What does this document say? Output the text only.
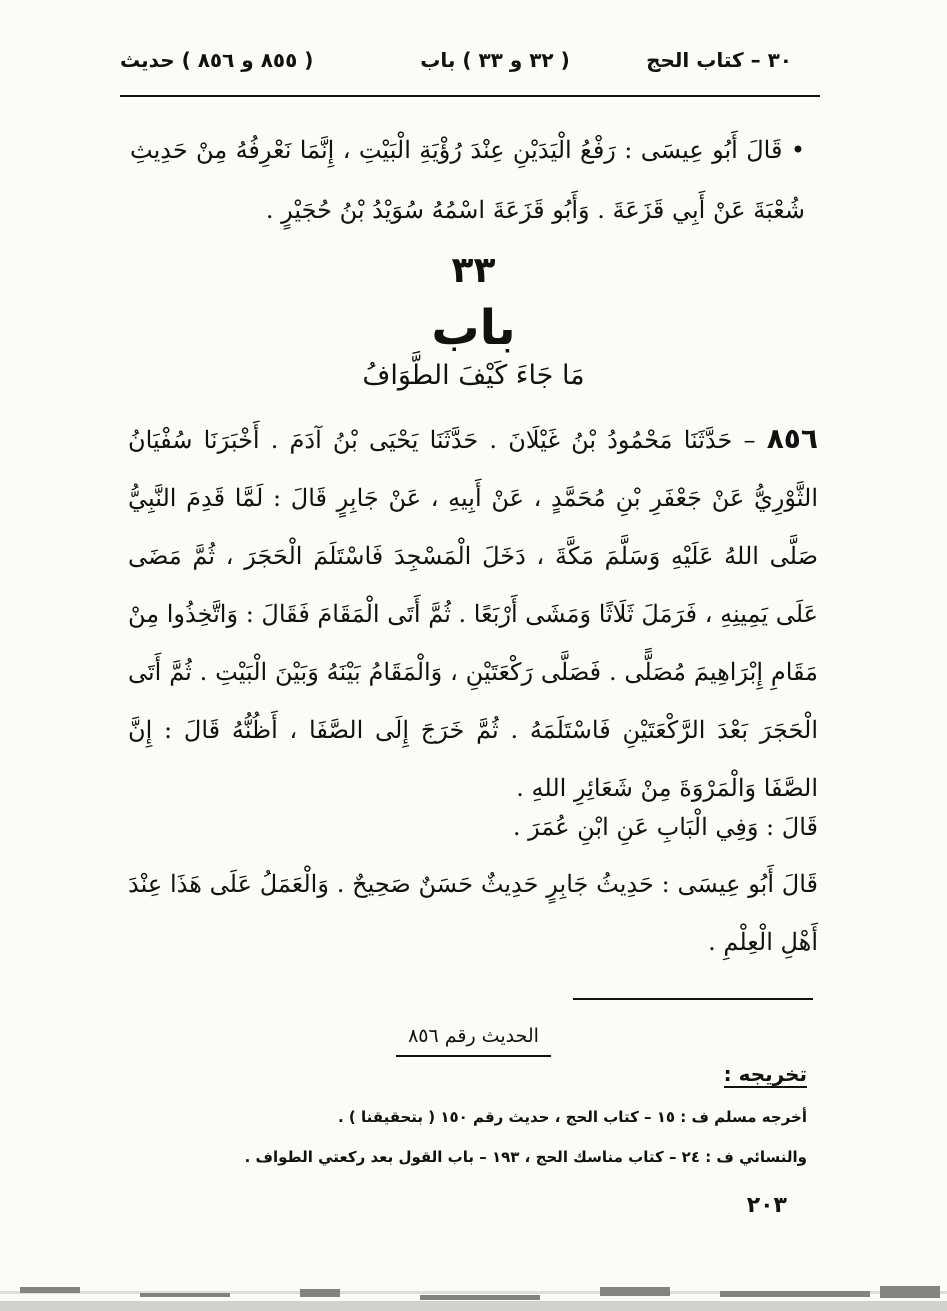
٣٠ – كتاب الحج
( ٣٢ و ٣٣ ) باب
( ٨٥٥ و ٨٥٦ ) حديث
• قَالَ أَبُو عِيسَى : رَفْعُ الْيَدَيْنِ عِنْدَ رُؤْيَةِ الْبَيْتِ ، إِنَّمَا نَعْرِفُهُ مِنْ حَدِيثِ شُعْبَةَ عَنْ أَبِي قَزَعَةَ . وَأَبُو قَزَعَةَ اسْمُهُ سُوَيْدُ بْنُ حُجَيْرٍ .
٣٣
باب
مَا جَاءَ كَيْفَ الطَّوَافُ
٨٥٦ – حَدَّثَنَا مَحْمُودُ بْنُ غَيْلَانَ . حَدَّثَنَا يَحْيَى بْنُ آدَمَ . أَخْبَرَنَا سُفْيَانُ الثَّوْرِيُّ عَنْ جَعْفَرِ بْنِ مُحَمَّدٍ ، عَنْ أَبِيهِ ، عَنْ جَابِرٍ قَالَ : لَمَّا قَدِمَ النَّبِيُّ صَلَّى اللهُ عَلَيْهِ وَسَلَّمَ مَكَّةَ ، دَخَلَ الْمَسْجِدَ فَاسْتَلَمَ الْحَجَرَ ، ثُمَّ مَضَى عَلَى يَمِينِهِ ، فَرَمَلَ ثَلَاثًا وَمَشَى أَرْبَعًا . ثُمَّ أَتَى الْمَقَامَ فَقَالَ : وَاتَّخِذُوا مِنْ مَقَامِ إِبْرَاهِيمَ مُصَلًّى . فَصَلَّى رَكْعَتَيْنِ ، وَالْمَقَامُ بَيْنَهُ وَبَيْنَ الْبَيْتِ . ثُمَّ أَتَى الْحَجَرَ بَعْدَ الرَّكْعَتَيْنِ فَاسْتَلَمَهُ . ثُمَّ خَرَجَ إِلَى الصَّفَا ، أَظُنُّهُ قَالَ : إِنَّ الصَّفَا وَالْمَرْوَةَ مِنْ شَعَائِرِ اللهِ .
قَالَ : وَفِي الْبَابِ عَنِ ابْنِ عُمَرَ .
قَالَ أَبُو عِيسَى : حَدِيثُ جَابِرٍ حَدِيثٌ حَسَنٌ صَحِيحٌ . وَالْعَمَلُ عَلَى هَذَا عِنْدَ أَهْلِ الْعِلْمِ .
الحديث رقم ٨٥٦
تخريجه :
أخرجه مسلم ف : ١٥ – كتاب الحج ، حديث رقم ١٥٠ ( بتحقيقنا ) .
والنسائي ف : ٢٤ – كتاب مناسك الحج ، ١٩٣ – باب القول بعد ركعتي الطواف .
٢٠٣
